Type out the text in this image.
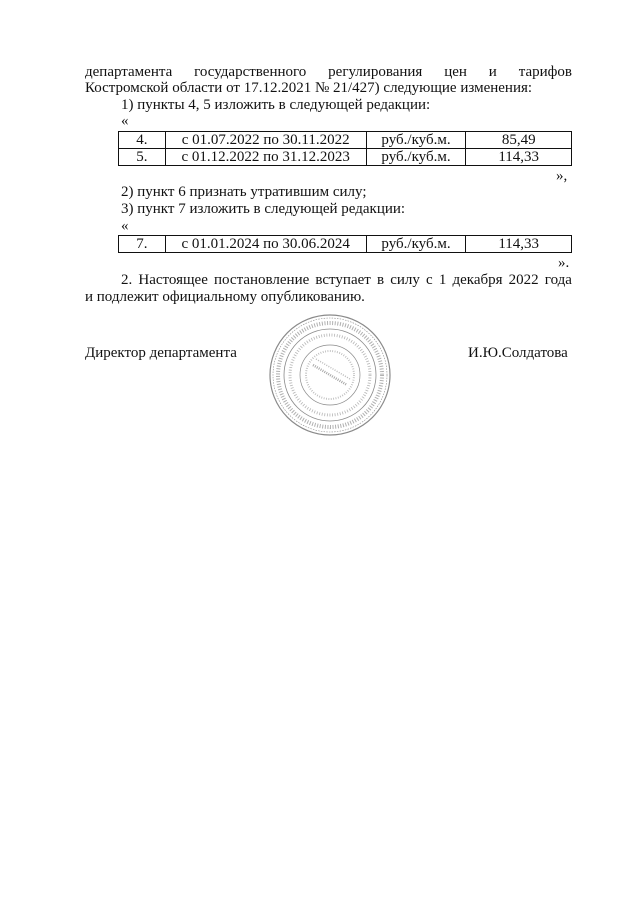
департамента государственного регулирования цен и тарифов
Костромской области от 17.12.2021 № 21/427) следующие изменения:
1) пункты 4, 5 изложить в следующей редакции:
«
4.	с 01.07.2022 по 30.11.2022	руб./куб.м.	85,49
5.	с 01.12.2022 по 31.12.2023	руб./куб.м.	114,33
»,
2) пункт 6 признать утратившим силу;
3) пункт 7 изложить в следующей редакции:
«
7.	с 01.01.2024 по 30.06.2024	руб./куб.м.	114,33
».
2. Настоящее постановление вступает в силу с 1 декабря 2022 года
и подлежит официальному опубликованию.
Директор департамента	И.Ю.Солдатова
